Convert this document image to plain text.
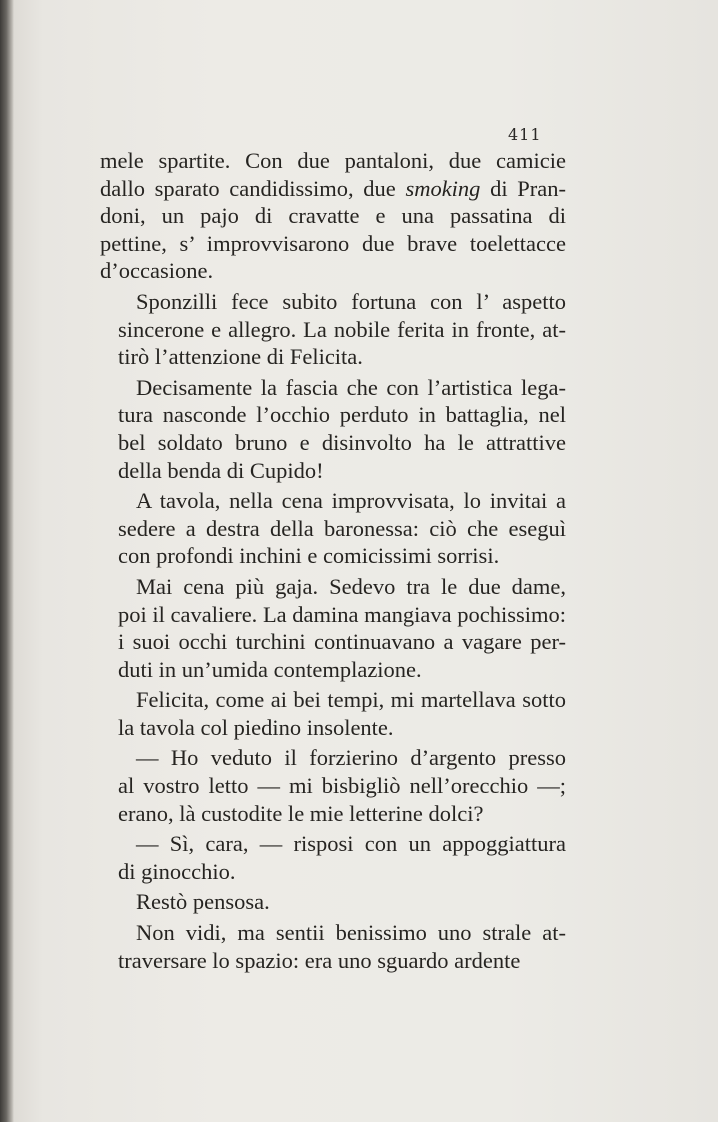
411
mele spartite. Con due pantaloni, due camicie
dallo sparato candidissimo, due smoking di Pran-
doni, un pajo di cravatte e una passatina di
pettine, s’ improvvisarono due brave toelettacce
d’occasione.
Sponzilli fece subito fortuna con l’ aspetto
sincerone e allegro. La nobile ferita in fronte, at-
tirò l’attenzione di Felicita.
Decisamente la fascia che con l’artistica lega-
tura nasconde l’occhio perduto in battaglia, nel
bel soldato bruno e disinvolto ha le attrattive
della benda di Cupido!
A tavola, nella cena improvvisata, lo invitai a
sedere a destra della baronessa: ciò che eseguì
con profondi inchini e comicissimi sorrisi.
Mai cena più gaja. Sedevo tra le due dame,
poi il cavaliere. La damina mangiava pochissimo:
i suoi occhi turchini continuavano a vagare per-
duti in un’umida contemplazione.
Felicita, come ai bei tempi, mi martellava sotto
la tavola col piedino insolente.
— Ho veduto il forzierino d’argento presso
al vostro letto — mi bisbigliò nell’orecchio —;
erano, là custodite le mie letterine dolci?
— Sì, cara, — risposi con un appoggiattura
di ginocchio.
Restò pensosa.
Non vidi, ma sentii benissimo uno strale at-
traversare lo spazio: era uno sguardo ardente
